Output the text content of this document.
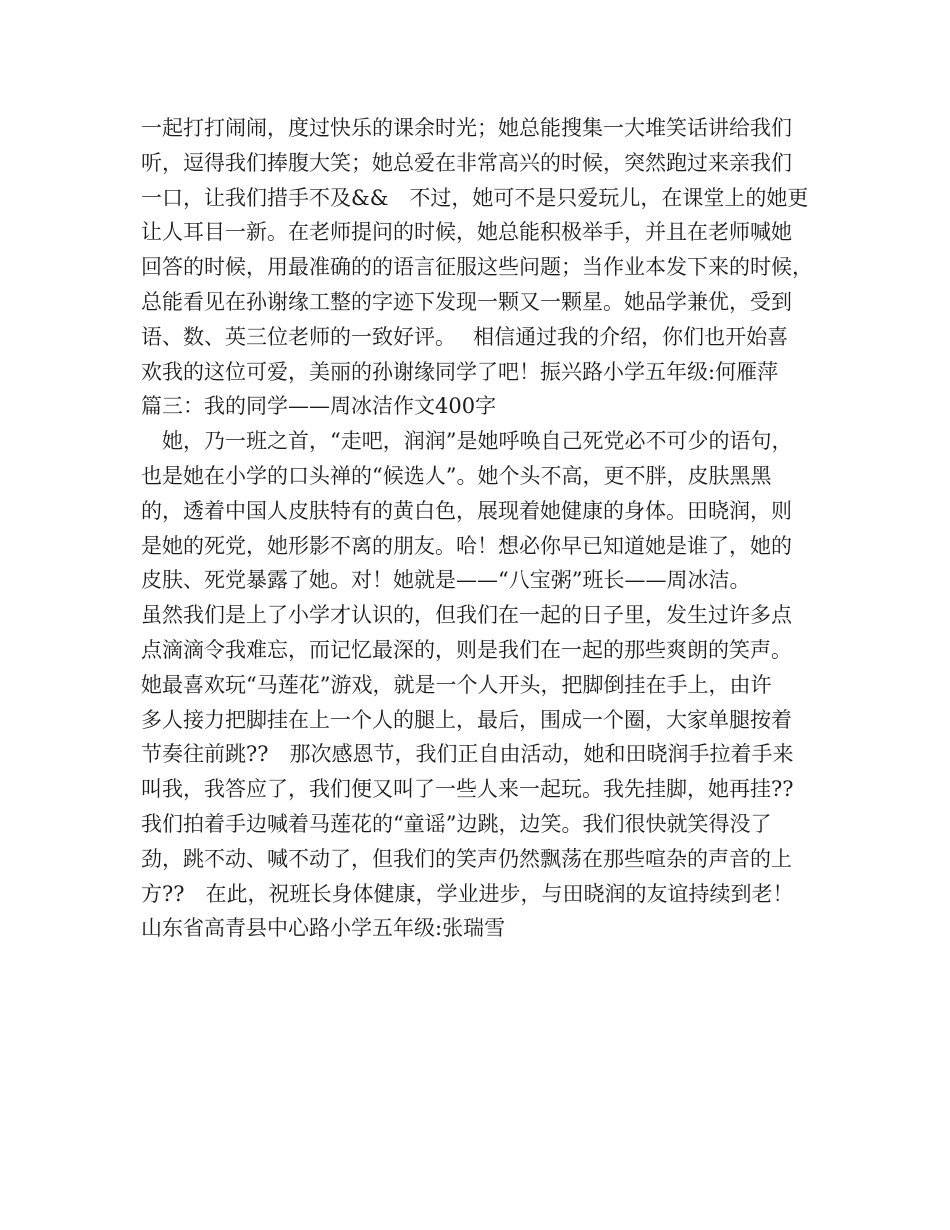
一起打打闹闹，度过快乐的课余时光；她总能搜集一大堆笑话讲给我们
听，逗得我们捧腹大笑；她总爱在非常高兴的时候，突然跑过来亲我们
一口，让我们措手不及&&　不过，她可不是只爱玩儿，在课堂上的她更
让人耳目一新。在老师提问的时候，她总能积极举手，并且在老师喊她
回答的时候，用最准确的的语言征服这些问题；当作业本发下来的时候，
总能看见在孙谢缘工整的字迹下发现一颗又一颗星。她品学兼优，受到
语、数、英三位老师的一致好评。　 相信通过我的介绍，你们也开始喜
欢我的这位可爱，美丽的孙谢缘同学了吧！振兴路小学五年级:何雁萍
篇三：我的同学——周冰洁作文400字
　她，乃一班之首，“走吧，润润”是她呼唤自己死党必不可少的语句，
也是她在小学的口头禅的“候选人”。她个头不高，更不胖，皮肤黑黑
的，透着中国人皮肤特有的黄白色，展现着她健康的身体。田晓润，则
是她的死党，她形影不离的朋友。哈！想必你早已知道她是谁了，她的
皮肤、死党暴露了她。对！她就是——“八宝粥”班长——周冰洁。
虽然我们是上了小学才认识的，但我们在一起的日子里，发生过许多点
点滴滴令我难忘，而记忆最深的，则是我们在一起的那些爽朗的笑声。
她最喜欢玩“马莲花”游戏，就是一个人开头，把脚倒挂在手上，由许
多人接力把脚挂在上一个人的腿上，最后，围成一个圈，大家单腿按着
节奏往前跳??　那次感恩节，我们正自由活动，她和田晓润手拉着手来
叫我，我答应了，我们便又叫了一些人来一起玩。我先挂脚，她再挂??
我们拍着手边喊着马莲花的“童谣”边跳，边笑。我们很快就笑得没了
劲，跳不动、喊不动了，但我们的笑声仍然飘荡在那些喧杂的声音的上
方??　在此，祝班长身体健康，学业进步，与田晓润的友谊持续到老！
山东省高青县中心路小学五年级:张瑞雪
